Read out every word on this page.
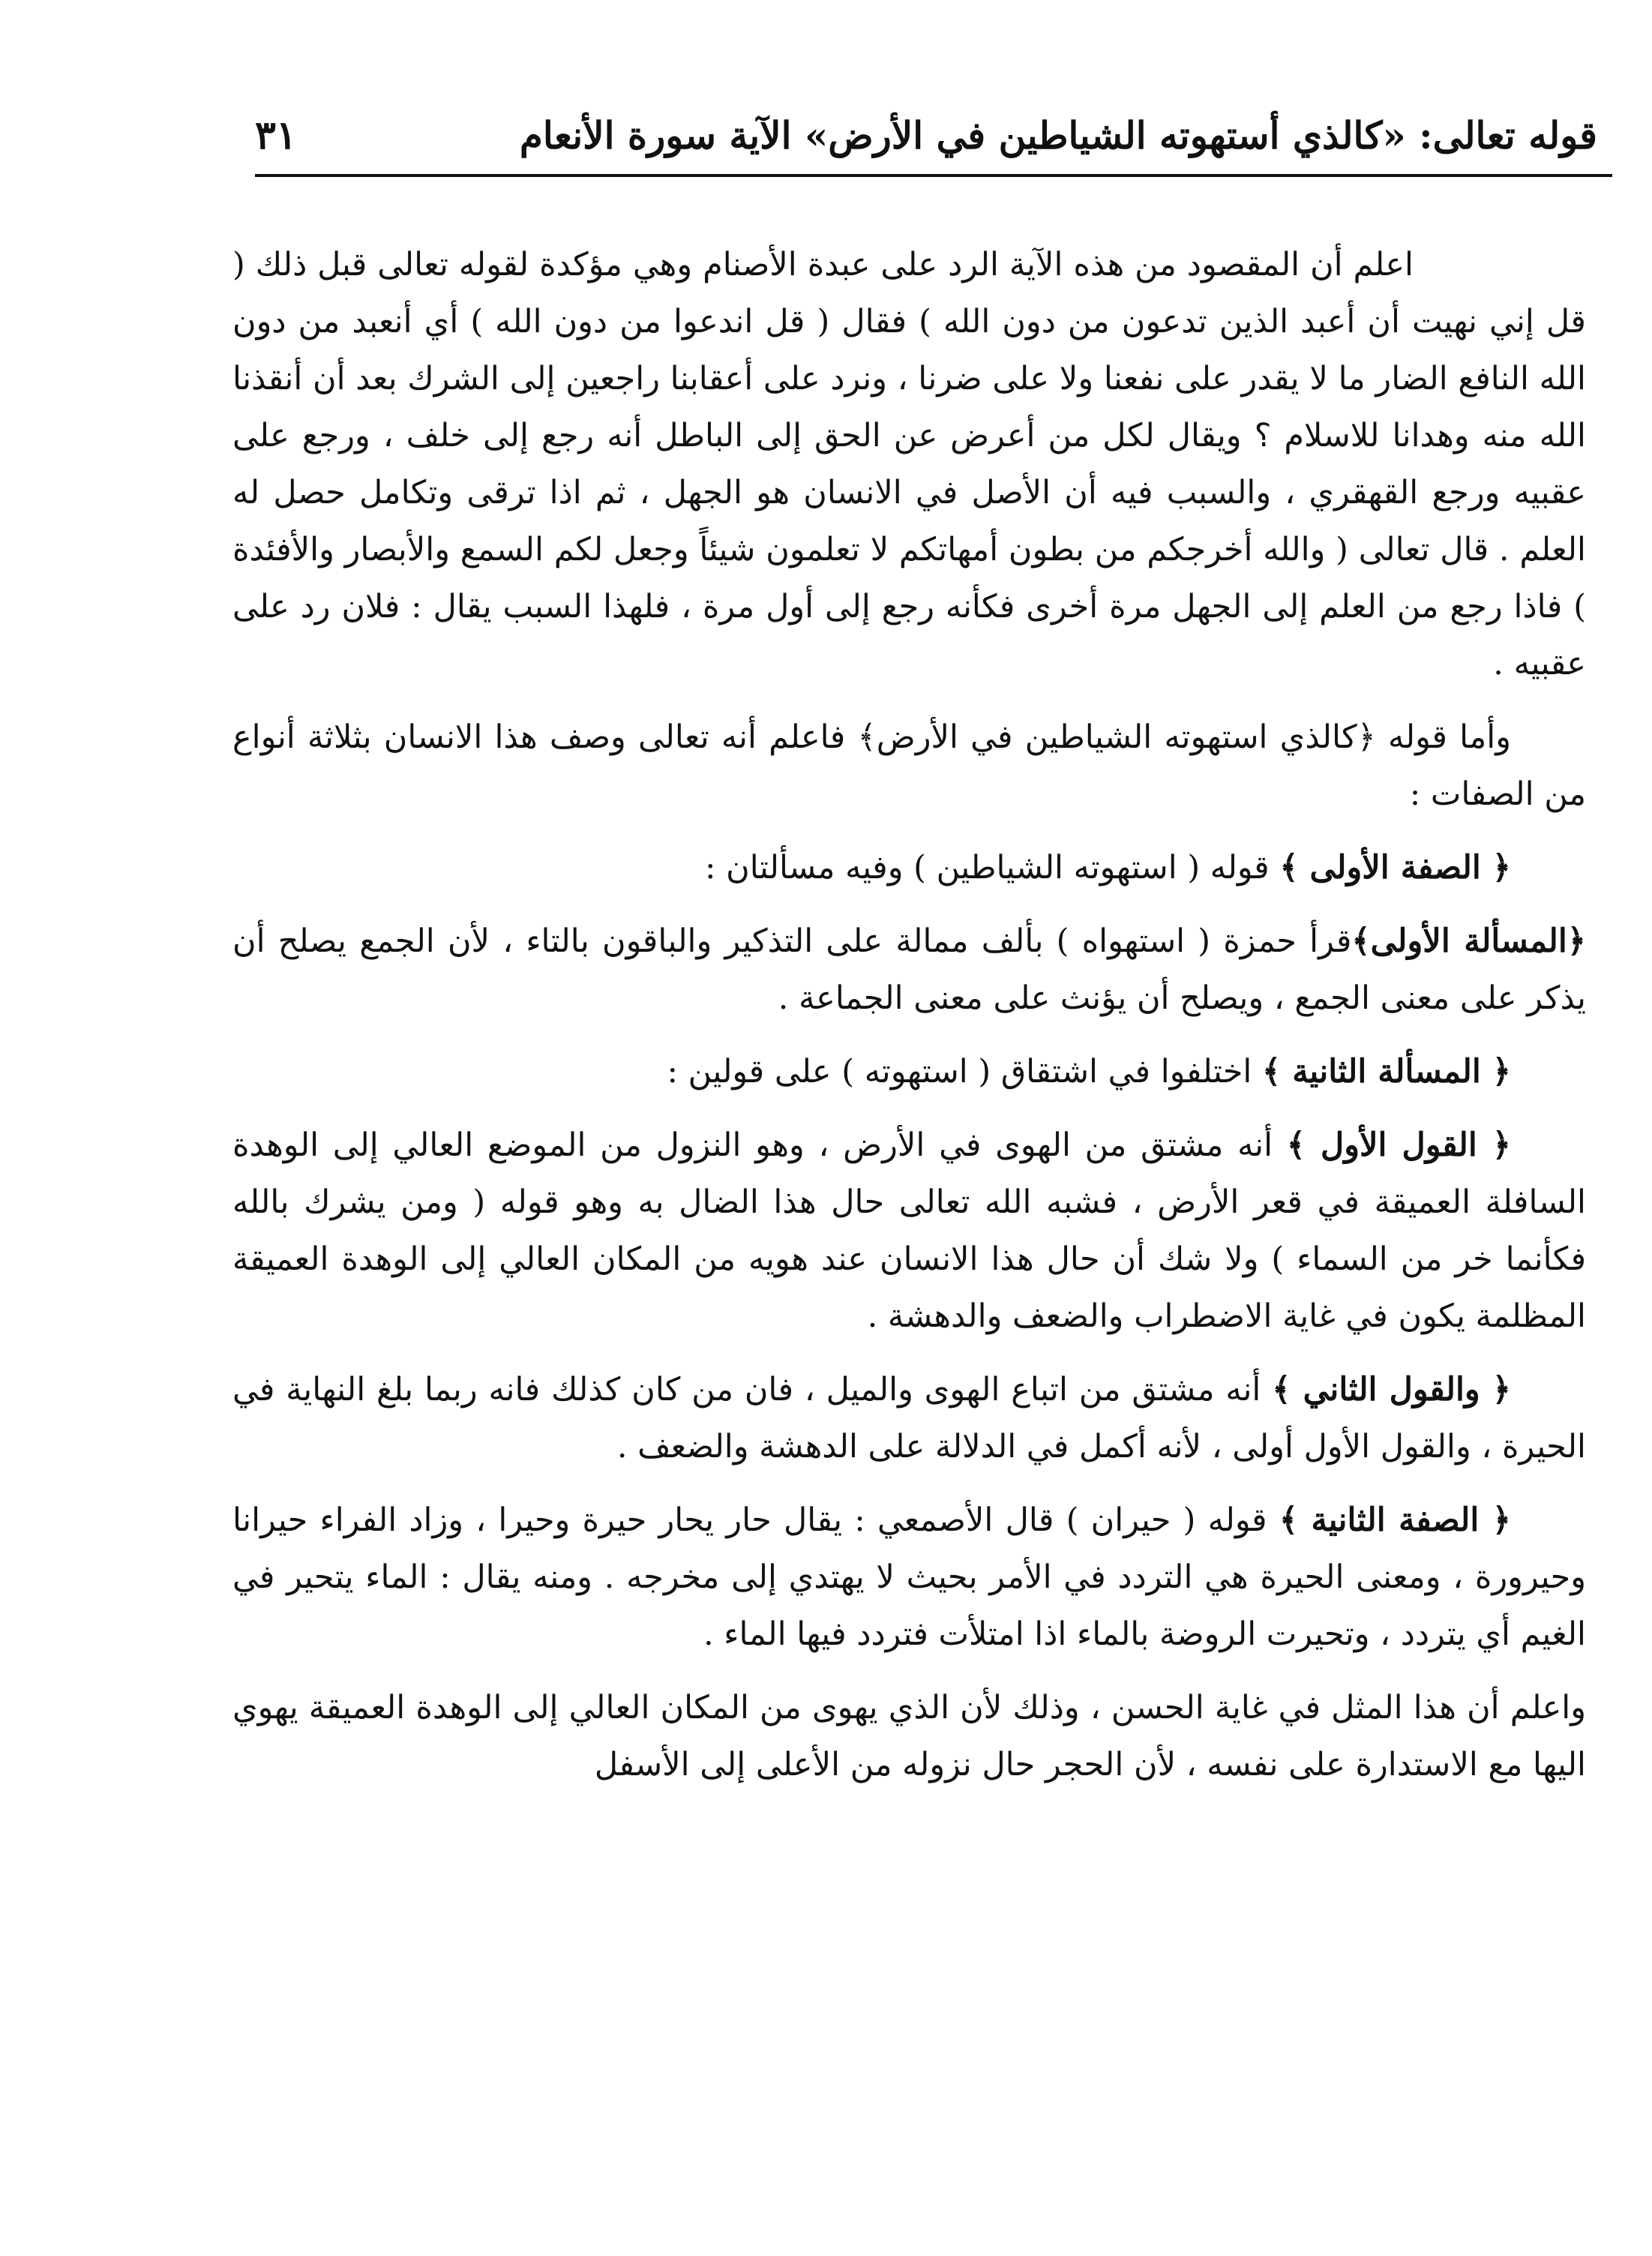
قوله تعالى: «كالذي أستهوته الشياطين في الأرض» الآية سورة الأنعام
٣١

اعلم أن المقصود من هذه الآية الرد على عبدة الأصنام وهي مؤكدة لقوله تعالى قبل ذلك ( قل إني نهيت أن أعبد الذين تدعون من دون الله ) فقال ( قل اندعوا من دون الله ) أي أنعبد من دون الله النافع الضار ما لا يقدر على نفعنا ولا على ضرنا ، ونرد على أعقابنا راجعين إلى الشرك بعد أن أنقذنا الله منه وهدانا للاسلام ؟ ويقال لكل من أعرض عن الحق إلى الباطل أنه رجع إلى خلف ، ورجع على عقبيه ورجع القهقري ، والسبب فيه أن الأصل في الانسان هو الجهل ، ثم اذا ترقى وتكامل حصل له العلم . قال تعالى ( والله أخرجكم من بطون أمهاتكم لا تعلمون شيئاً وجعل لكم السمع والأبصار والأفئدة ) فاذا رجع من العلم إلى الجهل مرة أخرى فكأنه رجع إلى أول مرة ، فلهذا السبب يقال : فلان رد على عقبيه .

وأما قوله ﴿كالذي استهوته الشياطين في الأرض﴾ فاعلم أنه تعالى وصف هذا الانسان بثلاثة أنواع من الصفات :

﴿ الصفة الأولى ﴾ قوله ( استهوته الشياطين ) وفيه مسألتان :

﴿المسألة الأولى﴾قرأ حمزة ( استهواه ) بألف ممالة على التذكير والباقون بالتاء ، لأن الجمع يصلح أن يذكر على معنى الجمع ، ويصلح أن يؤنث على معنى الجماعة .

﴿ المسألة الثانية ﴾ اختلفوا في اشتقاق ( استهوته ) على قولين :

﴿ القول الأول ﴾ أنه مشتق من الهوى في الأرض ، وهو النزول من الموضع العالي إلى الوهدة السافلة العميقة في قعر الأرض ، فشبه الله تعالى حال هذا الضال به وهو قوله ( ومن يشرك بالله فكأنما خر من السماء ) ولا شك أن حال هذا الانسان عند هويه من المكان العالي إلى الوهدة العميقة المظلمة يكون في غاية الاضطراب والضعف والدهشة .

﴿ والقول الثاني ﴾ أنه مشتق من اتباع الهوى والميل ، فان من كان كذلك فانه ربما بلغ النهاية في الحيرة ، والقول الأول أولى ، لأنه أكمل في الدلالة على الدهشة والضعف .

﴿ الصفة الثانية ﴾ قوله ( حيران ) قال الأصمعي : يقال حار يحار حيرة وحيرا ، وزاد الفراء حيرانا وحيرورة ، ومعنى الحيرة هي التردد في الأمر بحيث لا يهتدي إلى مخرجه . ومنه يقال : الماء يتحير في الغيم أي يتردد ، وتحيرت الروضة بالماء اذا امتلأت فتردد فيها الماء .

واعلم أن هذا المثل في غاية الحسن ، وذلك لأن الذي يهوى من المكان العالي إلى الوهدة العميقة يهوي اليها مع الاستدارة على نفسه ، لأن الحجر حال نزوله من الأعلى إلى الأسفل
